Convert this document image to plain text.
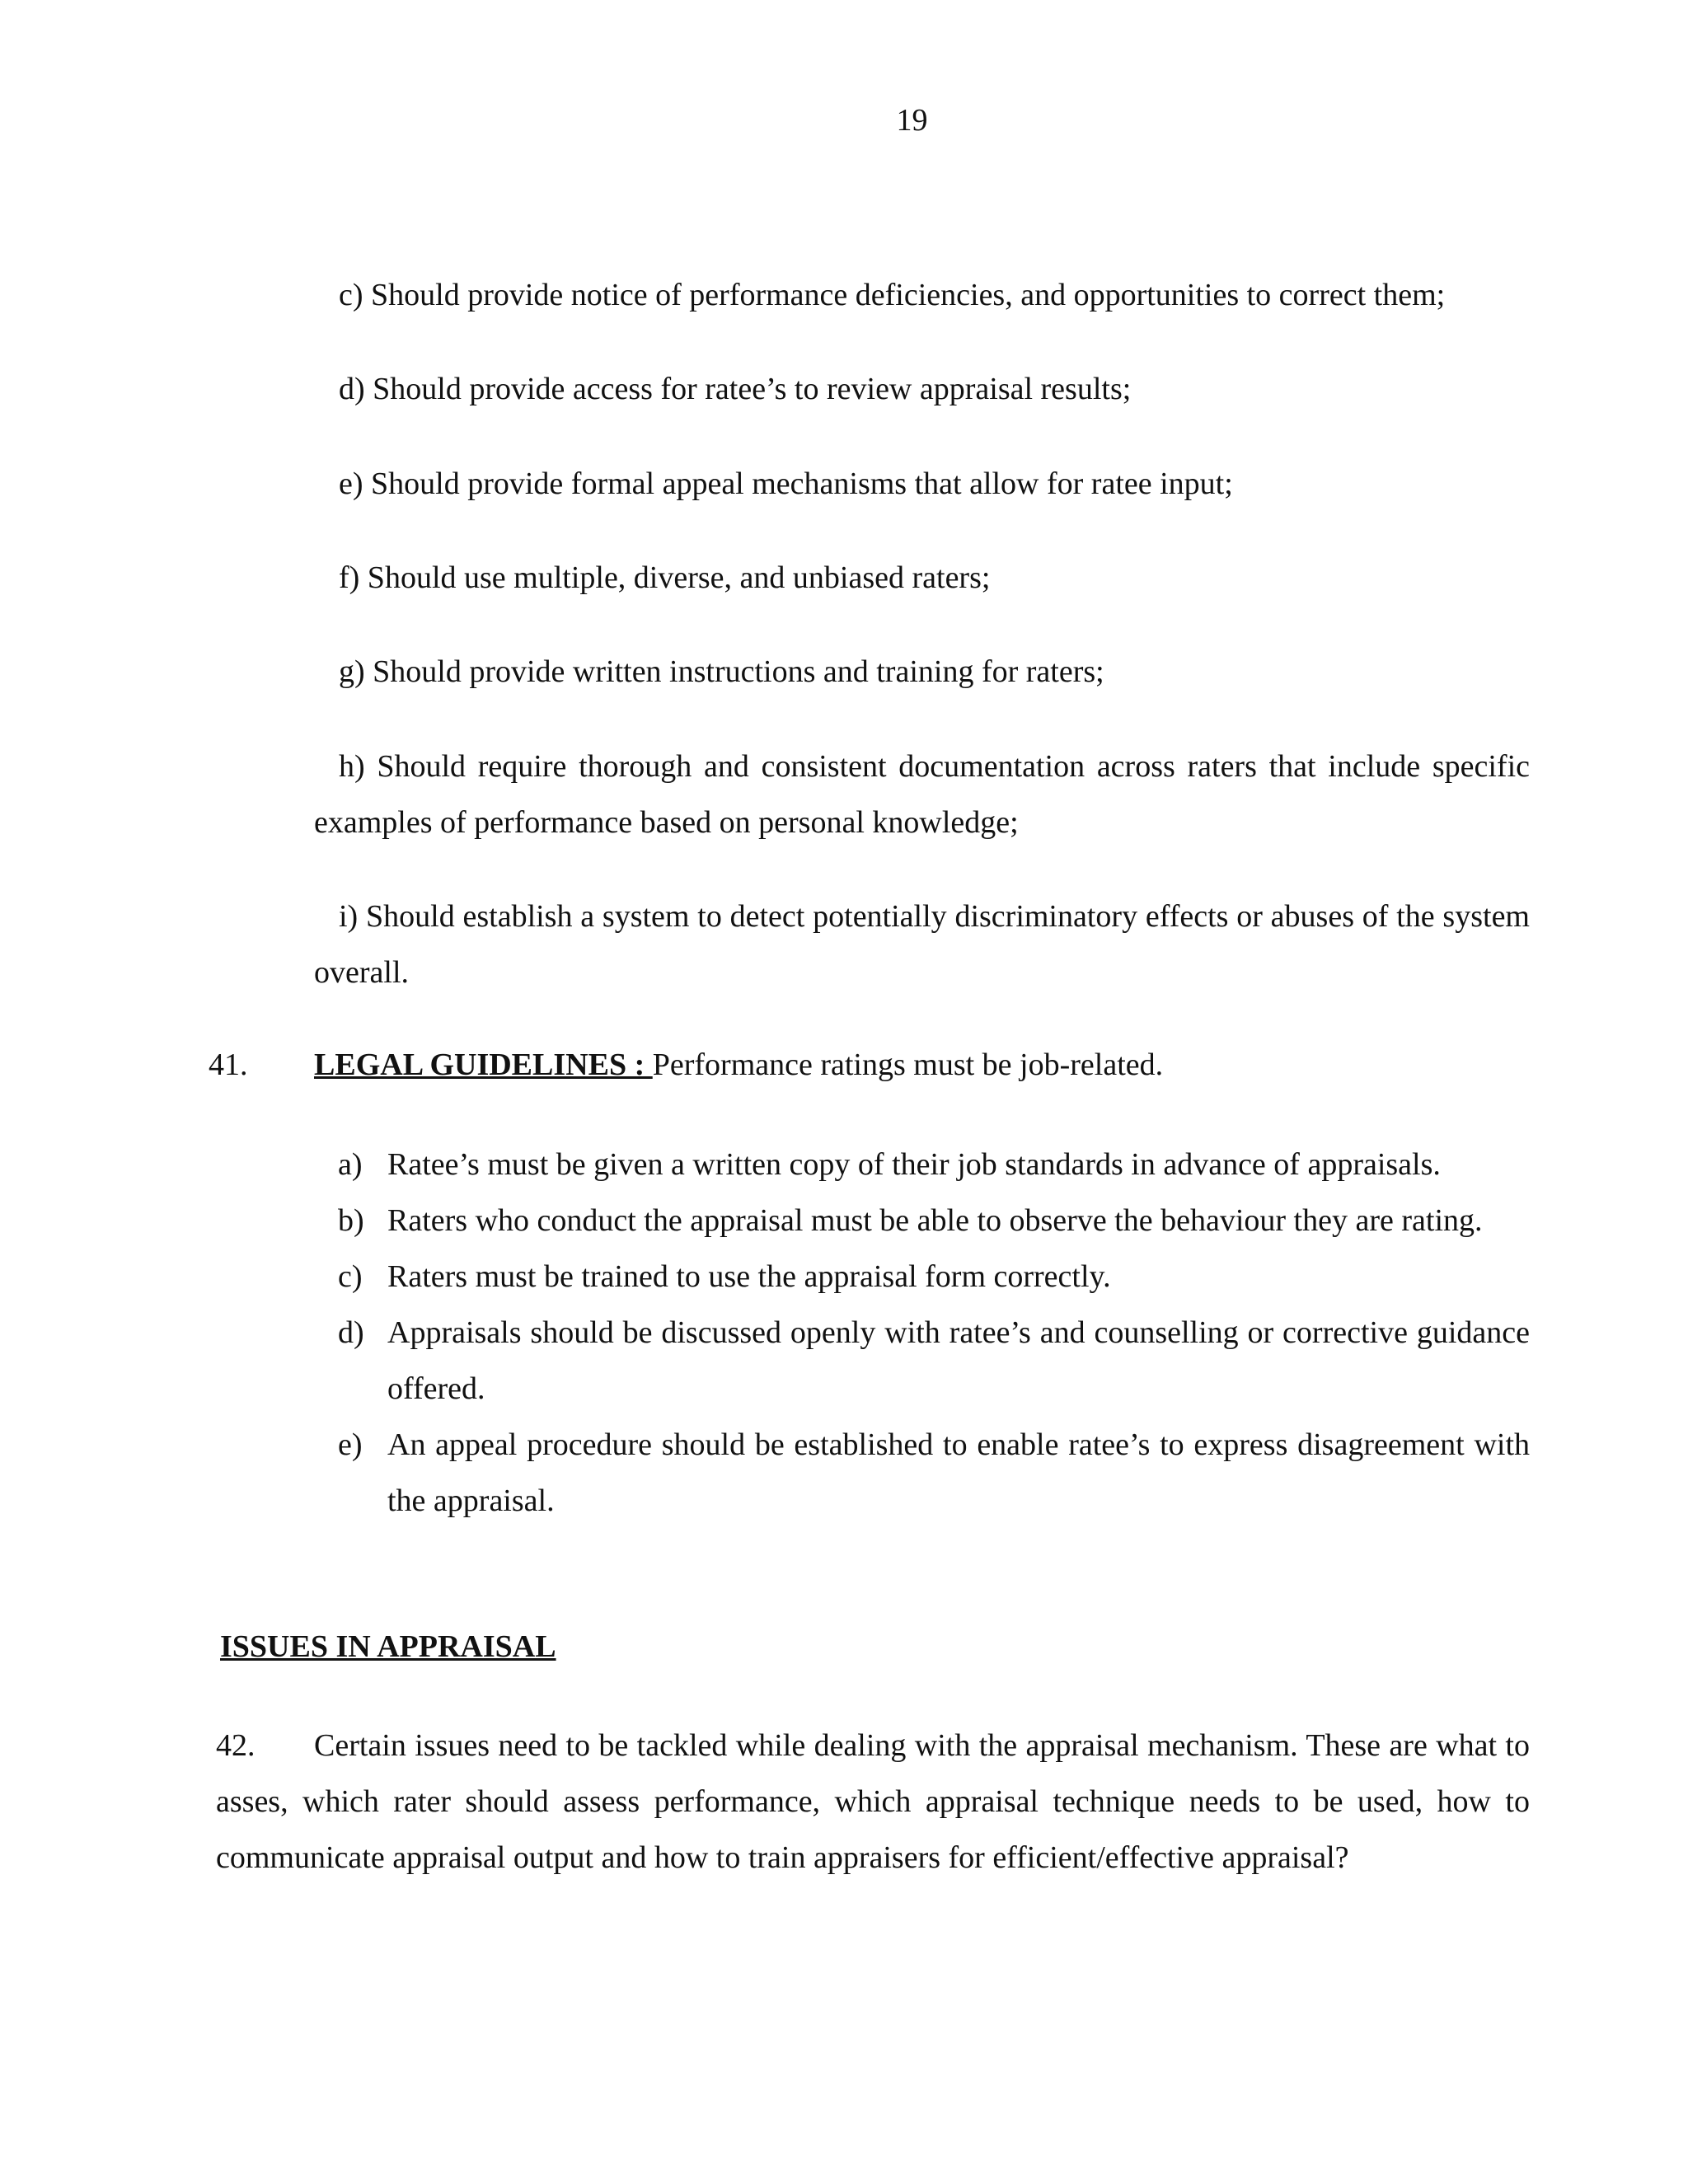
19
c) Should provide notice of performance deficiencies, and opportunities to correct them;
d) Should provide access for ratee’s to review appraisal results;
e) Should provide formal appeal mechanisms that allow for ratee input;
f) Should use multiple, diverse, and unbiased raters;
g) Should provide written instructions and training for raters;
h) Should require thorough and consistent documentation across raters that include specific examples of performance based on personal knowledge;
i) Should establish a system to detect potentially discriminatory effects or abuses of the system overall.
41. LEGAL GUIDELINES : Performance ratings must be job-related.
a) Ratee’s must be given a written copy of their job standards in advance of appraisals.
b) Raters who conduct the appraisal must be able to observe the behaviour they are rating.
c) Raters must be trained to use the appraisal form correctly.
d) Appraisals should be discussed openly with ratee’s and counselling or corrective guidance offered.
e) An appeal procedure should be established to enable ratee’s to express disagreement with the appraisal.
ISSUES IN APPRAISAL
42. Certain issues need to be tackled while dealing with the appraisal mechanism. These are what to asses, which rater should assess performance, which appraisal technique needs to be used, how to communicate appraisal output and how to train appraisers for efficient/effective appraisal?
